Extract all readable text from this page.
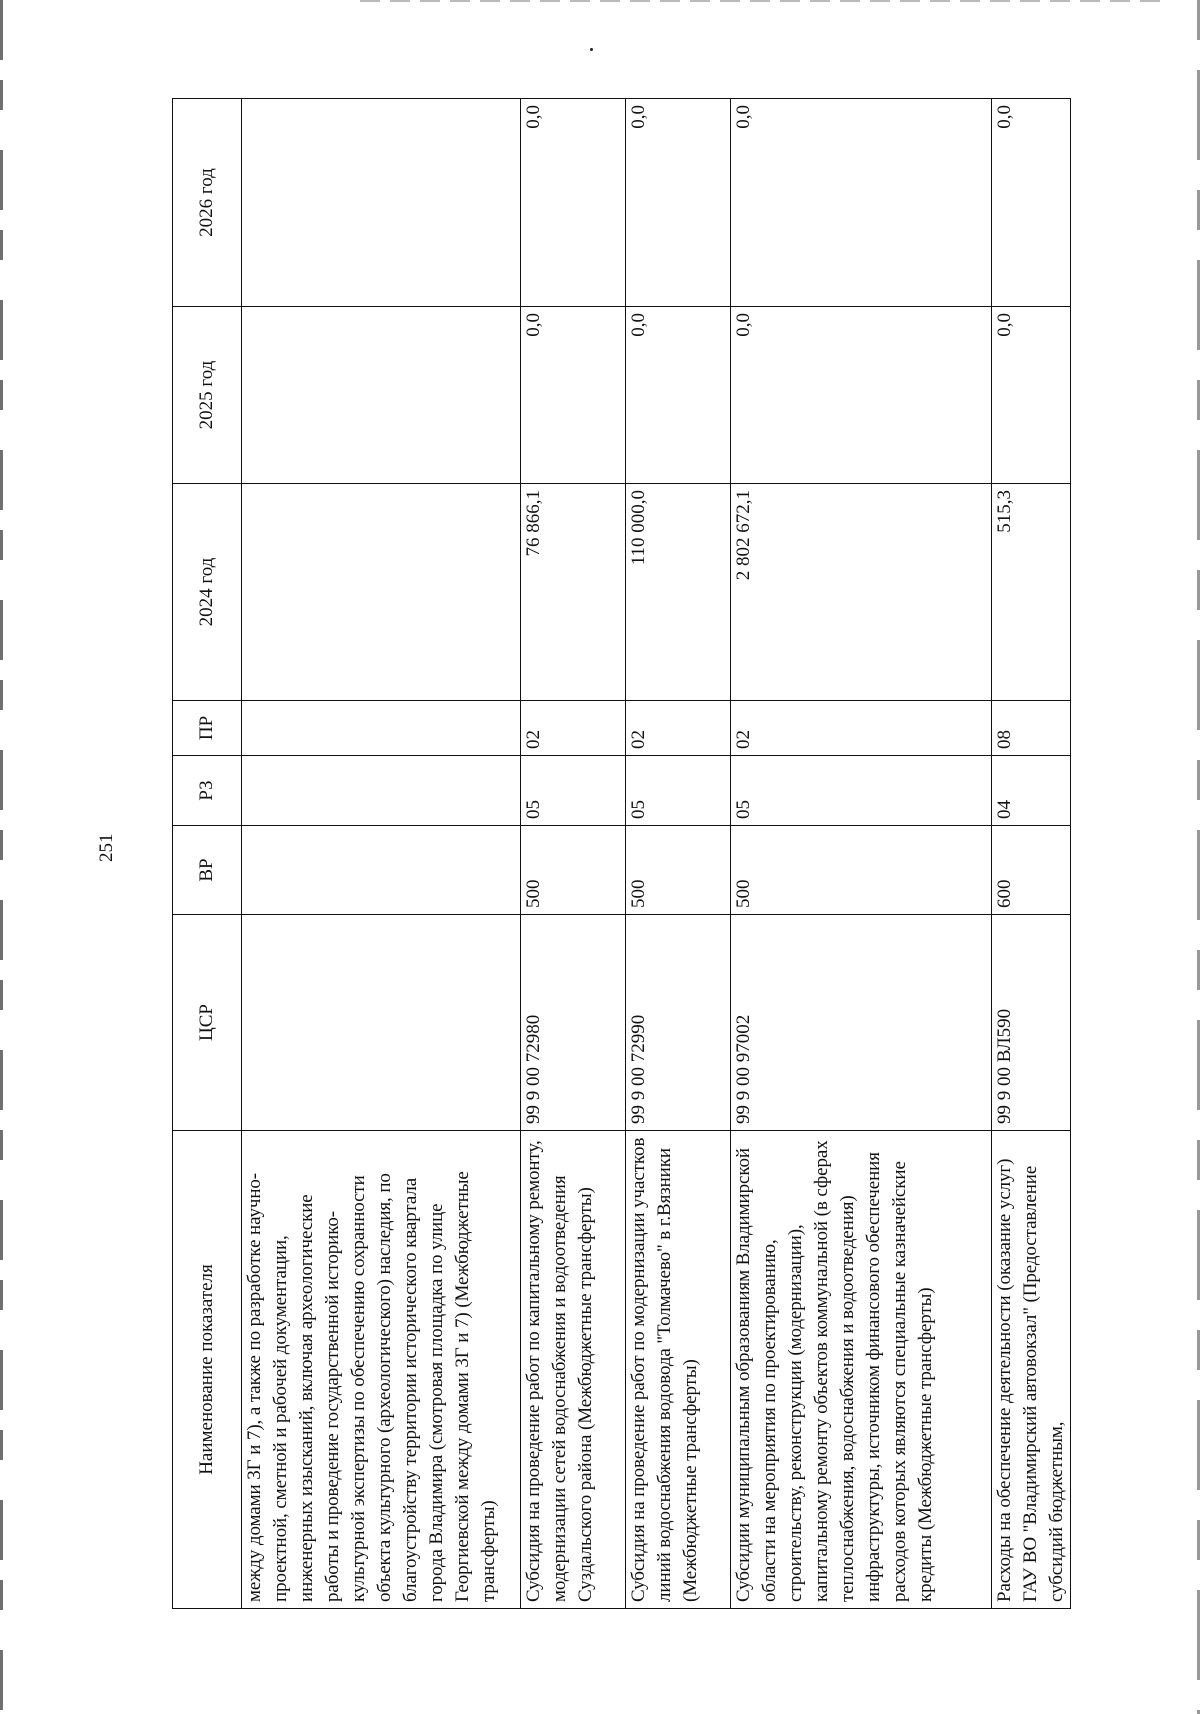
251
Наименование показателя	ЦСР	ВР	РЗ	ПР	2024 год	2025 год	2026 год
между домами 3Г и 7), а также по разработке научно- проектной, сметной и рабочей документации, инженерных изысканий, включая археологические работы и проведение государственной историко-культурной экспертизы по обеспечению сохранности объекта культурного (археологического) наследия, по благоустройству территории исторического квартала города Владимира (смотровая площадка по улице Георгиевской между домами 3Г и 7) (Межбюджетные трансферты)							
Субсидия на проведение работ по капитальному ремонту, модернизации сетей водоснабжения и водоотведения Суздальского района (Межбюджетные трансферты)	99 9 00 72980	500	05	02	76 866,1	0,0	0,0
Субсидия на проведение работ по модернизации участков линий водоснабжения водовода "Толмачево" в г.Вязники (Межбюджетные трансферты)	99 9 00 72990	500	05	02	110 000,0	0,0	0,0
Субсидии муниципальным образованиям Владимирской области на мероприятия по проектированию, строительству, реконструкции (модернизации), капитальному ремонту объектов коммунальной (в сферах теплоснабжения, водоснабжения и водоотведения) инфраструктуры, источником финансового обеспечения расходов которых являются специальные казначейские кредиты (Межбюджетные трансферты)	99 9 00 97002	500	05	02	2 802 672,1	0,0	0,0

Расходы на обеспечение деятельности (оказание услуг) ГАУ ВО "Владимирский автовокзал" (Предоставление субсидий бюджетным,	99 9 00 ВЛ590	600	04	08	515,3	0,0	0,0
